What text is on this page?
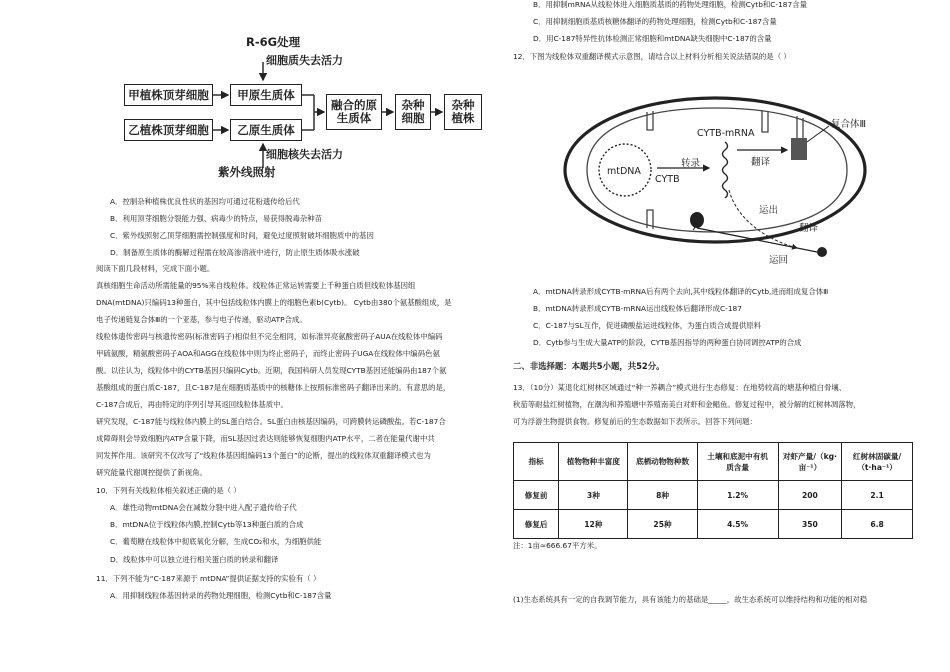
R-6G处理
细胞质失去活力
甲植株顶芽细胞
乙植株顶芽细胞
甲原生质体
乙原生质体
融合的原生质体
杂种细胞
杂种植株
细胞核失去活力
紫外线照射
A．控制杂种植株优良性状的基因均可通过花粉遗传给后代
B．利用顶芽细胞分裂能力强、病毒少的特点，易获得脱毒杂种苗
C．紫外线照射乙顶芽细胞需控制强度和时间，避免过度照射破坏细胞质中的基因
D．制备原生质体的酶解过程需在较高渗溶液中进行，防止原生质体吸水涨破
阅读下面几段材料，完成下面小题。
真核细胞生命活动所需能量的95%来自线粒体。线粒体正常运转需要上千种蛋白质但线粒体基因组
DNA(mtDNA)只编码13种蛋白，其中包括线粒体内膜上的细胞色素b(Cytb)。 Cytb由380个氨基酸组成，是
电子传递链复合体Ⅲ的一个亚基，参与电子传递，驱动ATP合成。
线粒体遗传密码与核遗传密码(标准密码子)相似但不完全相同，如标准异亮氨酸密码子AUA在线粒体中编码
甲硫氨酸，精氨酸密码子AOA和AGG在线粒体中则为终止密码子，而终止密码子UGA在线粒体中编码色氨
酸。以往认为，线粒体中的CYTB基因只编码Cytb。近期，我国科研人员发现CYTB基因还能编码由187个氨
基酸组成的蛋白质C-187，且C-187是在细胞质基质中的核糖体上按照标准密码子翻译出来的。有意思的是，
C-187合成后，再由特定的序列引导其返回线粒体基质中。
研究发现，C-187能与线粒体内膜上的SL蛋白结合。SL蛋白由核基因编码，可跨膜转运磷酸盐。若C-187合
成障碍则会导致细胞内ATP含量下降，而SL基因过表达则能够恢复细胞内ATP水平，二者在能量代谢中共
同发挥作用。该研究不仅改写了“线粒体基因组编码13个蛋白”的论断，提出的线粒体双重翻译模式也为
研究能量代谢调控提供了新视角。
10．下列有关线粒体相关叙述正确的是（ ）
A．雄性动物mtDNA会在减数分裂中进入配子遗传给子代
B．mtDNA位于线粒体内膜,控制Cytb等13种蛋白质的合成
C．葡萄糖在线粒体中彻底氧化分解，生成CO₂和水，为细胞供能
D．线粒体中可以独立进行相关蛋白质的转录和翻译
11．下列不能为“C-187来源于 mtDNA”提供证据支持的实验有（ ）
A．用抑制线粒体基因转录的药物处理细胞，检测Cytb和C-187含量
B．用抑制mRNA从线粒体进入细胞质基质的药物处理细胞，检测Cytb和C-187含量
C．用抑制细胞质基质核糖体翻译的药物处理细胞，检测Cytb和C-187含量
D．用C-187特异性抗体检测正常细胞和mtDNA缺失细胞中C-187的含量
12．下图为线粒体双重翻译模式示意图，请结合以上材料分析相关说法错误的是（ ）
mtDNA
CYTB
转录
CYTB-mRNA
翻译
复合体Ⅲ
运出
翻译
运回
A．mtDNA转录形成CYTB-mRNA后有两个去向,其中线粒体翻译的Cytb,进而组成复合体Ⅲ
B．mtDNA转录形成CYTB-mRNA运出线粒体后翻译形成C-187
C．C-187与SL互作，促进磷酸盐运进线粒体，为蛋白质合成提供原料
D．Cytb参与生成大量ATP的阶段，CYTB基因指导的两种蛋白协同调控ATP的合成
二、非选择题：本题共5小题，共52分。
13．（10分）某退化红树林区域通过“种一养耦合”模式进行生态修复：在地势较高的塘基种植白骨壤、
秋茄等耐盐红树植物，在潮沟和养殖塘中养殖南美白对虾和金鲳鱼。修复过程中，被分解的红树林凋落物，
可为浮游生物提供食物。修复前后的生态数据如下表所示。回答下列问题：
指标	植物物种丰富度	底栖动物物种数	土壤和底泥中有机质含量	对虾产量/（kg·亩⁻¹）	红树林固碳量/（t·ha⁻¹）
修复前	3种	8种	1.2%	200	2.1
修复后	12种	25种	4.5%	350	6.8
注：1亩≈666.67平方米。
(1)生态系统具有一定的自我调节能力，具有该能力的基础是_____，故生态系统可以维持结构和功能的相对稳
